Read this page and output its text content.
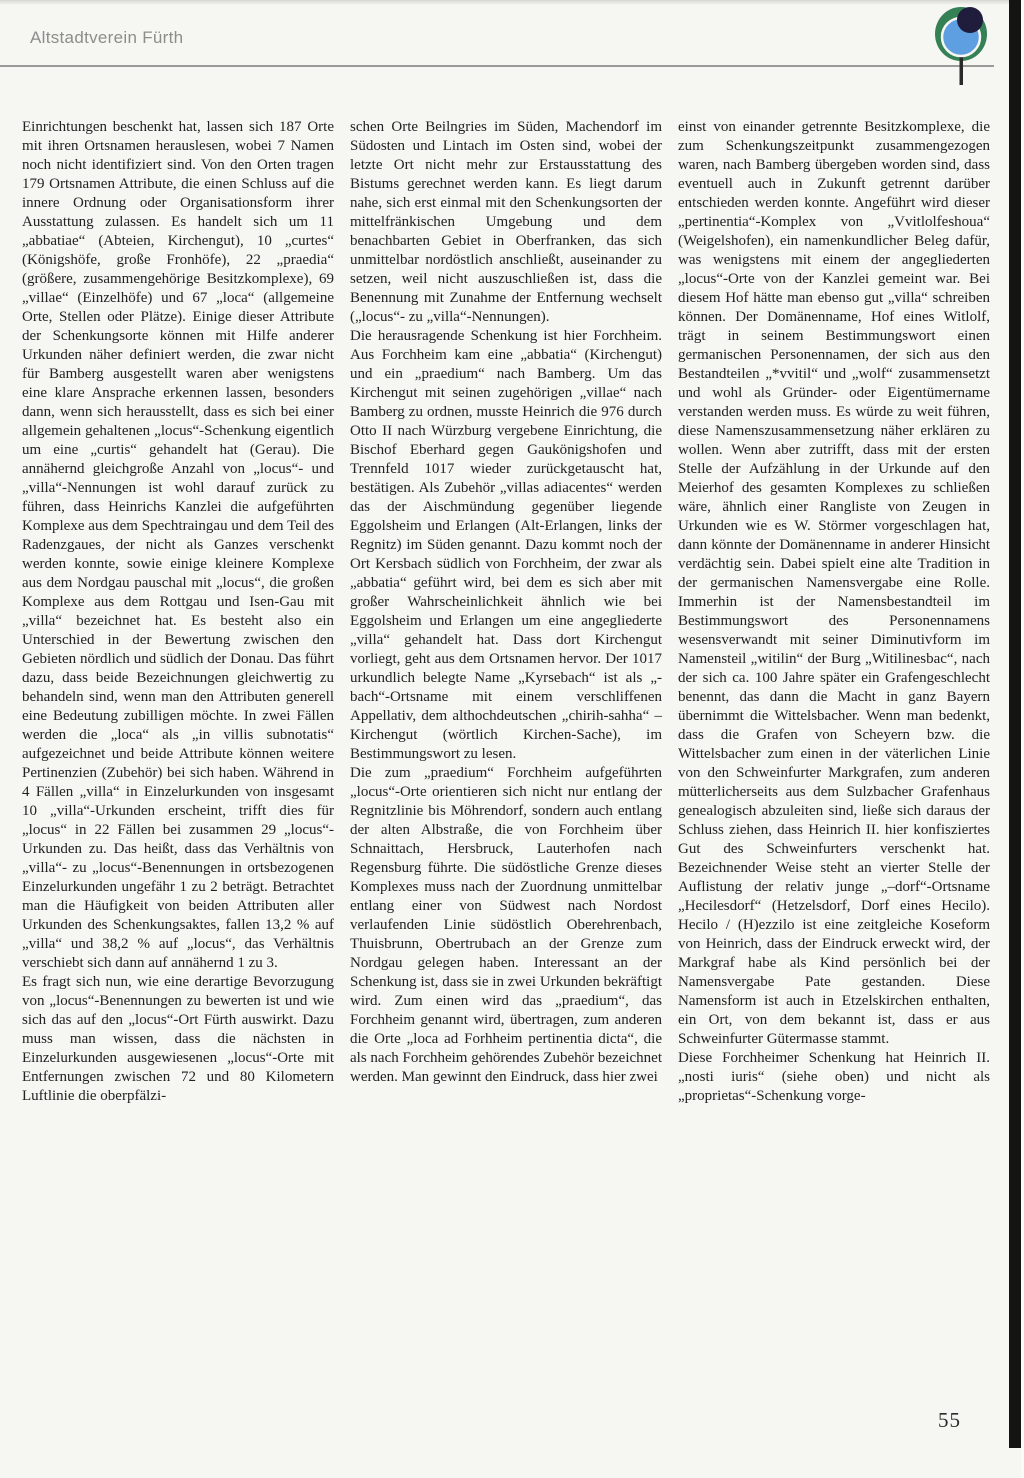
Altstadtverein Fürth

Einrichtungen beschenkt hat, lassen sich 187 Orte mit ihren Ortsnamen herauslesen, wobei 7 Namen noch nicht identifiziert sind. Von den Orten tragen 179 Ortsnamen Attribute, die einen Schluss auf die innere Ordnung oder Organisationsform ihrer Ausstattung zulassen. Es handelt sich um 11 „abbatiae“ (Abteien, Kirchengut), 10 „curtes“ (Königshöfe, große Fronhöfe), 22 „praedia“ (größere, zusammengehörige Besitzkomplexe), 69 „villae“ (Einzelhöfe) und 67 „loca“ (allgemeine Orte, Stellen oder Plätze). Einige dieser Attribute der Schenkungsorte können mit Hilfe anderer Urkunden näher definiert werden, die zwar nicht für Bamberg ausgestellt waren aber wenigstens eine klare Ansprache erkennen lassen, besonders dann, wenn sich herausstellt, dass es sich bei einer allgemein gehaltenen „locus“-Schenkung eigentlich um eine „curtis“ gehandelt hat (Gerau). Die annähernd gleichgroße Anzahl von „locus“- und „villa“-Nennungen ist wohl darauf zurück zu führen, dass Heinrichs Kanzlei die aufgeführten Komplexe aus dem Spechtraingau und dem Teil des Radenzgaues, der nicht als Ganzes verschenkt werden konnte, sowie einige kleinere Komplexe aus dem Nordgau pauschal mit „locus“, die großen Komplexe aus dem Rottgau und Isen-Gau mit „villa“ bezeichnet hat. Es besteht also ein Unterschied in der Bewertung zwischen den Gebieten nördlich und südlich der Donau. Das führt dazu, dass beide Bezeichnungen gleichwertig zu behandeln sind, wenn man den Attributen generell eine Bedeutung zubilligen möchte. In zwei Fällen werden die „loca“ als „in villis subnotatis“ aufgezeichnet und beide Attribute können weitere Pertinenzien (Zubehör) bei sich haben. Während in 4 Fällen „villa“ in Einzelurkunden von insgesamt 10 „villa“-Urkunden erscheint, trifft dies für „locus“ in 22 Fällen bei zusammen 29 „locus“-Urkunden zu. Das heißt, dass das Verhältnis von „villa“- zu „locus“-Benennungen in ortsbezogenen Einzelurkunden ungefähr 1 zu 2 beträgt. Betrachtet man die Häufigkeit von beiden Attributen aller Urkunden des Schenkungsaktes, fallen 13,2 % auf „villa“ und 38,2 % auf „locus“, das Verhältnis verschiebt sich dann auf annähernd 1 zu 3.

Es fragt sich nun, wie eine derartige Bevorzugung von „locus“-Benennungen zu bewerten ist und wie sich das auf den „locus“-Ort Fürth auswirkt. Dazu muss man wissen, dass die nächsten in Einzelurkunden ausgewiesenen „locus“-Orte mit Entfernungen zwischen 72 und 80 Kilometern Luftlinie die oberpfälzi-

schen Orte Beilngries im Süden, Machendorf im Südosten und Lintach im Osten sind, wobei der letzte Ort nicht mehr zur Erstausstattung des Bistums gerechnet werden kann. Es liegt darum nahe, sich erst einmal mit den Schenkungsorten der mittelfränkischen Umgebung und dem benachbarten Gebiet in Oberfranken, das sich unmittelbar nordöstlich anschließt, auseinander zu setzen, weil nicht auszuschließen ist, dass die Benennung mit Zunahme der Entfernung wechselt („locus“- zu „villa“-Nennungen).

Die herausragende Schenkung ist hier Forchheim. Aus Forchheim kam eine „abbatia“ (Kirchengut) und ein „praedium“ nach Bamberg. Um das Kirchengut mit seinen zugehörigen „villae“ nach Bamberg zu ordnen, musste Heinrich die 976 durch Otto II nach Würzburg vergebene Einrichtung, die Bischof Eberhard gegen Gaukönigshofen und Trennfeld 1017 wieder zurückgetauscht hat, bestätigen. Als Zubehör „villas adiacentes“ werden das der Aischmündung gegenüber liegende Eggolsheim und Erlangen (Alt-Erlangen, links der Regnitz) im Süden genannt. Dazu kommt noch der Ort Kersbach südlich von Forchheim, der zwar als „abbatia“ geführt wird, bei dem es sich aber mit großer Wahrscheinlichkeit ähnlich wie bei Eggolsheim und Erlangen um eine angegliederte „villa“ gehandelt hat. Dass dort Kirchengut vorliegt, geht aus dem Ortsnamen hervor. Der 1017 urkundlich belegte Name „Kyrsebach“ ist als „-bach“-Ortsname mit einem verschliffenen Appellativ, dem althochdeutschen „chirih-sahha“ – Kirchengut (wörtlich Kirchen-Sache), im Bestimmungswort zu lesen.

Die zum „praedium“ Forchheim aufgeführten „locus“-Orte orientieren sich nicht nur entlang der Regnitzlinie bis Möhrendorf, sondern auch entlang der alten Albstraße, die von Forchheim über Schnaittach, Hersbruck, Lauterhofen nach Regensburg führte. Die südöstliche Grenze dieses Komplexes muss nach der Zuordnung unmittelbar entlang einer von Südwest nach Nordost verlaufenden Linie südöstlich Oberehrenbach, Thuisbrunn, Obertrubach an der Grenze zum Nordgau gelegen haben. Interessant an der Schenkung ist, dass sie in zwei Urkunden bekräftigt wird. Zum einen wird das „praedium“, das Forchheim genannt wird, übertragen, zum anderen die Orte „loca ad Forhheim pertinentia dicta“, die als nach Forchheim gehörendes Zubehör bezeichnet werden. Man gewinnt den Eindruck, dass hier zwei

einst von einander getrennte Besitzkomplexe, die zum Schenkungszeitpunkt zusammengezogen waren, nach Bamberg übergeben worden sind, dass eventuell auch in Zukunft getrennt darüber entschieden werden konnte. Angeführt wird dieser „pertinentia“-Komplex von „Vvitlolfeshoua“ (Weigelshofen), ein namenkundlicher Beleg dafür, was wenigstens mit einem der angegliederten „locus“-Orte von der Kanzlei gemeint war. Bei diesem Hof hätte man ebenso gut „villa“ schreiben können. Der Domänenname, Hof eines Witlolf, trägt in seinem Bestimmungswort einen germanischen Personennamen, der sich aus den Bestandteilen „*vvitil“ und „wolf“ zusammensetzt und wohl als Gründer- oder Eigentümername verstanden werden muss. Es würde zu weit führen, diese Namenszusammensetzung näher erklären zu wollen. Wenn aber zutrifft, dass mit der ersten Stelle der Aufzählung in der Urkunde auf den Meierhof des gesamten Komplexes zu schließen wäre, ähnlich einer Rangliste von Zeugen in Urkunden wie es W. Störmer vorgeschlagen hat, dann könnte der Domänenname in anderer Hinsicht verdächtig sein. Dabei spielt eine alte Tradition in der germanischen Namensvergabe eine Rolle. Immerhin ist der Namensbestandteil im Bestimmungswort des Personennamens wesensverwandt mit seiner Diminutivform im Namensteil „witilin“ der Burg „Witilinesbac“, nach der sich ca. 100 Jahre später ein Grafengeschlecht benennt, das dann die Macht in ganz Bayern übernimmt die Wittelsbacher. Wenn man bedenkt, dass die Grafen von Scheyern bzw. die Wittelsbacher zum einen in der väterlichen Linie von den Schweinfurter Markgrafen, zum anderen mütterlicherseits aus dem Sulzbacher Grafenhaus genealogisch abzuleiten sind, ließe sich daraus der Schluss ziehen, dass Heinrich II. hier konfisziertes Gut des Schweinfurters verschenkt hat. Bezeichnender Weise steht an vierter Stelle der Auflistung der relativ junge „–dorf“-Ortsname „Hecilesdorf“ (Hetzelsdorf, Dorf eines Hecilo). Hecilo / (H)ezzilo ist eine zeitgleiche Koseform von Heinrich, dass der Eindruck erweckt wird, der Markgraf habe als Kind persönlich bei der Namensvergabe Pate gestanden. Diese Namensform ist auch in Etzelskirchen enthalten, ein Ort, von dem bekannt ist, dass er aus Schweinfurter Gütermasse stammt.

Diese Forchheimer Schenkung hat Heinrich II. „nosti iuris“ (siehe oben) und nicht als „proprietas“-Schenkung vorge-

55
